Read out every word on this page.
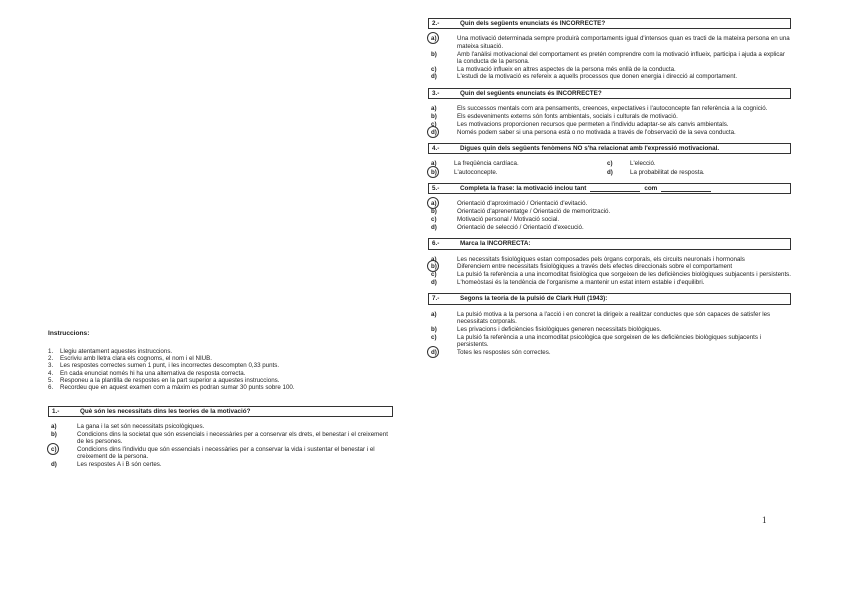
Instruccions:
1.	Llegiu atentament aquestes instruccions.
2.	Escriviu amb lletra clara els cognoms, el nom i el NIUB.
3.	Les respostes correctes sumen 1 punt, i les incorrectes descompten 0,33 punts.
4.	En cada enunciat només hi ha una alternativa de resposta correcta.
5.	Responeu a la plantilla de respostes en la part superior a aquestes instruccions.
6.	Recordeu que en aquest examen com a màxim es podran sumar 30 punts sobre 100.
1.-	Què són les necessitats dins les teories de la motivació?
a)	La gana i la set són necessitats psicològiques.
b)	Condicions dins la societat que són essencials i necessàries per a conservar els drets, el benestar i el creixement de les persones.
c)	Condicions dins l'individu que són essencials i necessàries per a conservar la vida i sustentar el benestar i el creixement de la persona.
d)	Les respostes A i B són certes.
2.-	Quin dels següents enunciats és INCORRECTE?
a)	Una motivació determinada sempre produirà comportaments igual d'intensos quan es tracti de la mateixa persona en una mateixa situació.
b)	Amb l'anàlisi motivacional del comportament es pretén comprendre com la motivació influeix, participa i ajuda a explicar la conducta de la persona.
c)	La motivació influeix en altres aspectes de la persona més enllà de la conducta.
d)	L'estudi de la motivació es refereix a aquells processos que donen energia i direcció al comportament.
3.-	Quin del següents enunciats és INCORRECTE?
a)	Els successos mentals com ara pensaments, creences, expectatives i l'autoconcepte fan referència a la cognició.
b)	Els esdeveniments externs són fonts ambientals, socials i culturals de motivació.
c)	Les motivacions proporcionen recursos que permeten a l'individu adaptar-se als canvis ambientals.
d)	Només podem saber si una persona està o no motivada a través de l'observació de la seva conducta.
4.-	Digues quin dels següents fenòmens NO s'ha relacionat amb l'expressió motivacional.
a)	La freqüència cardíaca.	c)	L'elecció.
b)	L'autoconcepte.	d)	La probabilitat de resposta.
5.-	Completa la frase: la motivació inclou tant	com
a)	Orientació d'aproximació / Orientació d'evitació.
b)	Orientació d'aprenentatge / Orientació de memorització.
c)	Motivació personal / Motivació social.
d)	Orientació de selecció / Orientació d'execució.
6.-	Marca la INCORRECTA:
a)	Les necessitats fisiològiques estan composades pels òrgans corporals, els circuits neuronals i hormonals
b)	Diferenciem entre necessitats fisiològiques a través dels efectes direccionals sobre el comportament
c)	La pulsió fa referència a una incomoditat fisiològica que sorgeixen de les deficiències biològiques subjacents i persistents.
d)	L'homeòstasi és la tendència de l'organisme a mantenir un estat intern estable i d'equilibri.
7.-	Segons la teoria de la pulsió de Clark Hull (1943):
a)	La pulsió motiva a la persona a l'acció i en concret la dirigeix a realitzar conductes que són capaces de satisfer les necessitats corporals.
b)	Les privacions i deficiències fisiològiques generen necessitats biològiques.
c)	La pulsió fa referència a una incomoditat psicològica que sorgeixen de les deficiències biològiques subjacents i persistents.
d)	Totes les respostes són correctes.
1
